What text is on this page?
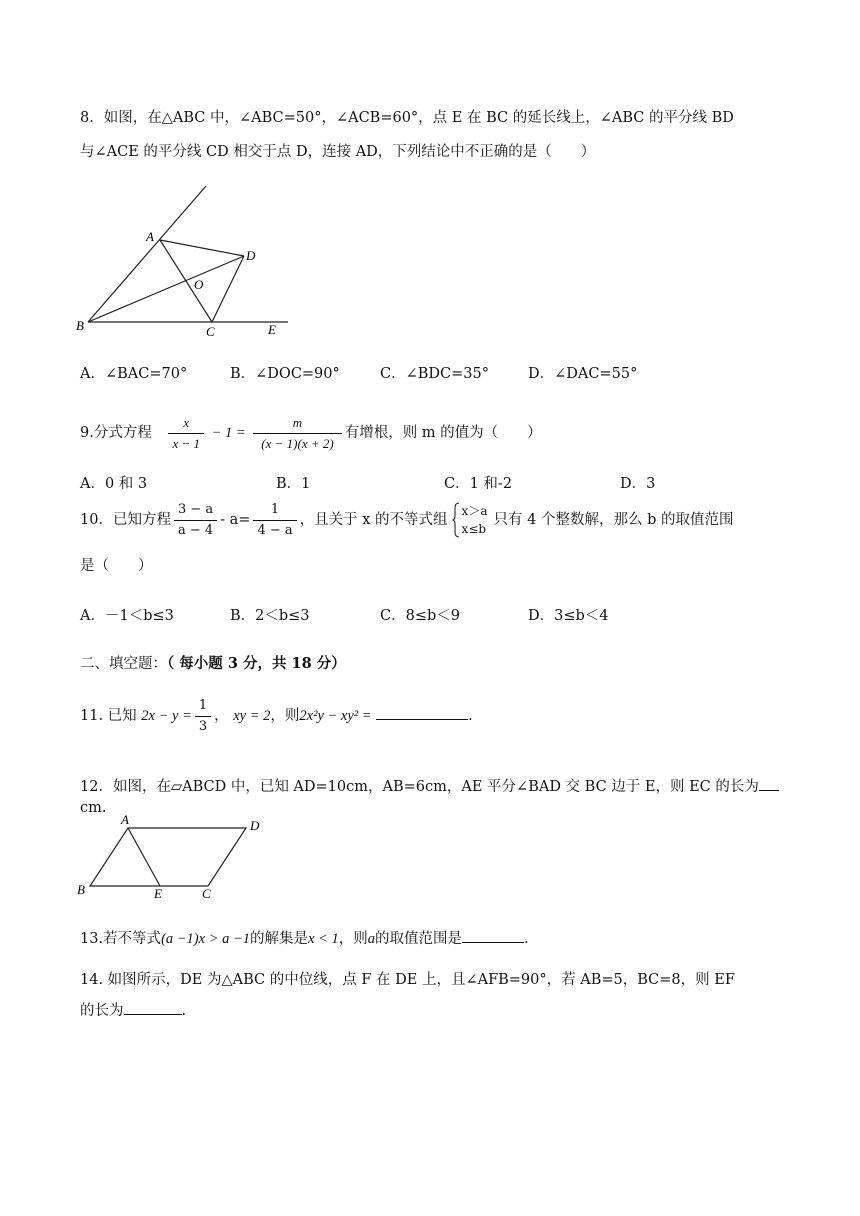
8．如图，在△ABC 中，∠ABC=50°，∠ACB=60°，点 E 在 BC 的延长线上，∠ABC 的平分线 BD
与∠ACE 的平分线 CD 相交于点 D，连接 AD，下列结论中不正确的是（　　）
A
B	C
D
E
O
A．∠BAC=70°	B．∠DOC=90°	C．∠BDC=35°	D．∠DAC=55°
9.分式方程 $\frac{x}{x - 1} - 1 = \frac{m}{(x - 1)(x + 2)}$ 有增根，则 m 的值为（　　）
A．0 和 3	B．1	C．1 和-2	D．3
10．已知方程 $\frac{3 - a}{a - 4} - a= \frac{1}{4 - a}$ ，且关于 x 的不等式组
x＞a
x≤b
只有 4 个整数解，那么 b 的取值范围
是（　　）
A．－1＜b≤3	B．2＜b≤3	C．8≤b＜9	D．3≤b＜4
二、填空题：（ 每小题 3 分，共 18 分）
11. 已知 $2x - y = \frac{1}{3}$ ， xy = 2，则2x²y − xy² =	.
12．如图，在▱ABCD 中，已知 AD=10cm，AB=6cm，AE 平分∠BAD 交 BC 边于 E，则 EC 的长为
cm.
A	D
B	E	C
13.若不等式(a −1)x > a −1的解集是x < 1，则a的取值范围是	.
14. 如图所示，DE 为△ABC 的中位线，点 F 在 DE 上，且∠AFB=90°，若 AB=5，BC=8，则 EF
的长为	.
